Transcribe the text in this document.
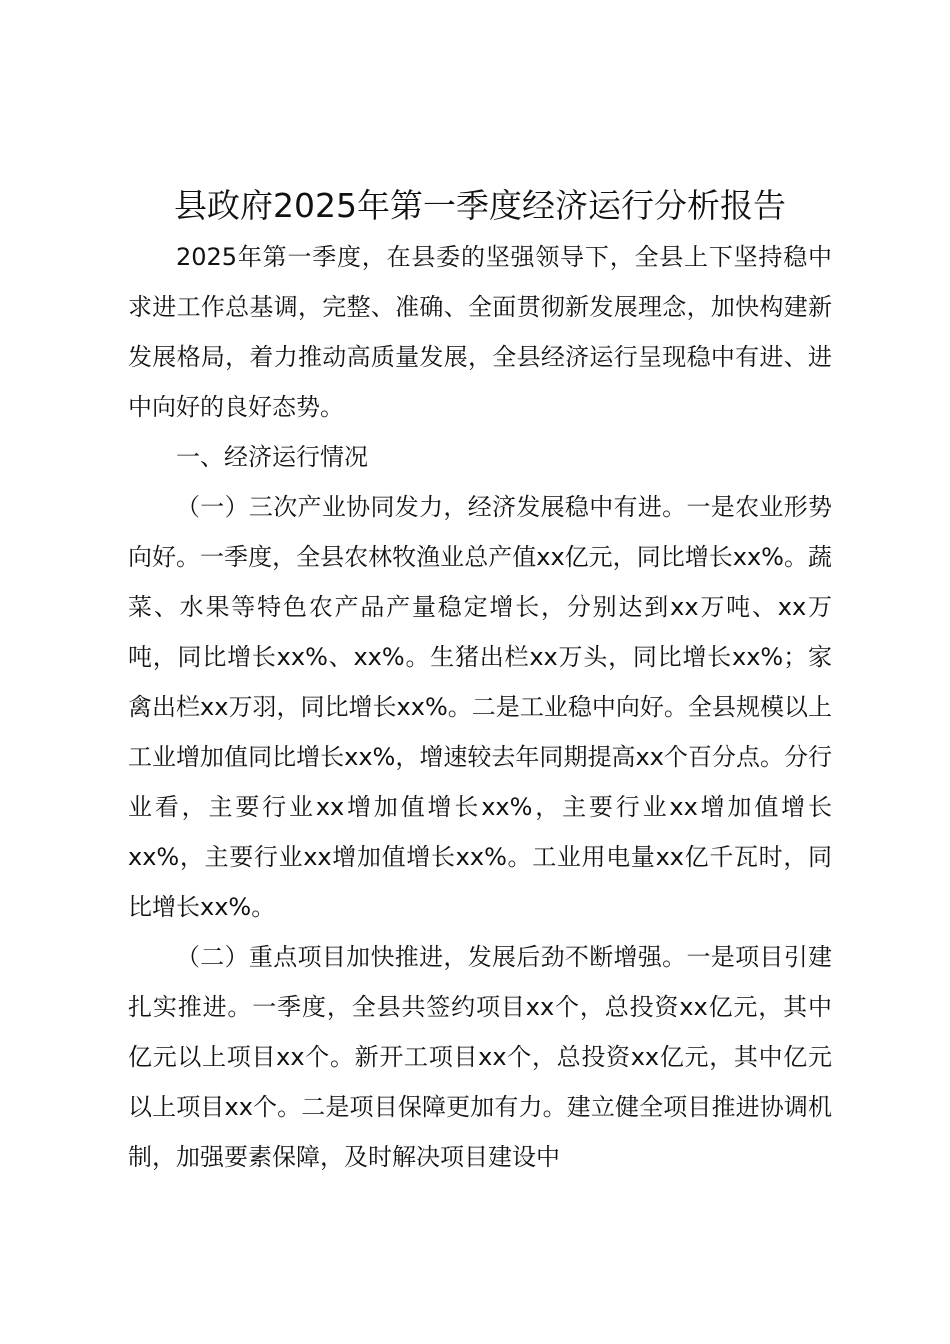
县政府2025年第一季度经济运行分析报告

2025年第一季度，在县委的坚强领导下，全县上下坚持稳中求进工作总基调，完整、准确、全面贯彻新发展理念，加快构建新发展格局，着力推动高质量发展，全县经济运行呈现稳中有进、进中向好的良好态势。

一、经济运行情况

（一）三次产业协同发力，经济发展稳中有进。一是农业形势向好。一季度，全县农林牧渔业总产值xx亿元，同比增长xx%。蔬菜、水果等特色农产品产量稳定增长，分别达到xx万吨、xx万吨，同比增长xx%、xx%。生猪出栏xx万头，同比增长xx%；家禽出栏xx万羽，同比增长xx%。二是工业稳中向好。全县规模以上工业增加值同比增长xx%，增速较去年同期提高xx个百分点。分行业看，主要行业xx增加值增长xx%，主要行业xx增加值增长xx%，主要行业xx增加值增长xx%。工业用电量xx亿千瓦时，同比增长xx%。

（二）重点项目加快推进，发展后劲不断增强。一是项目引建扎实推进。一季度，全县共签约项目xx个，总投资xx亿元，其中亿元以上项目xx个。新开工项目xx个，总投资xx亿元，其中亿元以上项目xx个。二是项目保障更加有力。建立健全项目推进协调机制，加强要素保障，及时解决项目建设中
